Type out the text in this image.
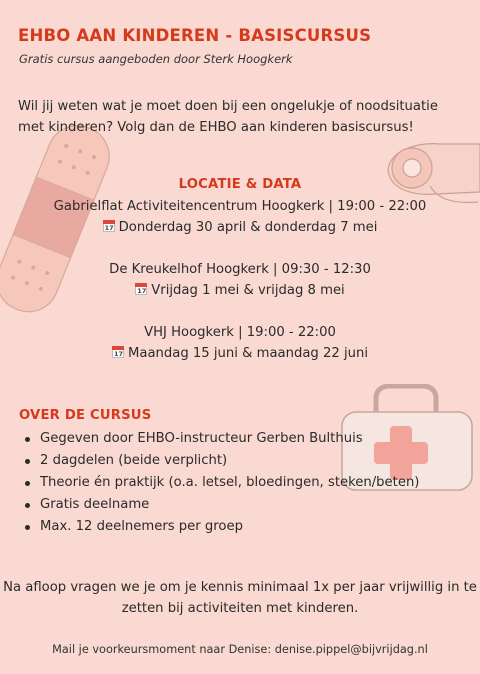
EHBO AAN KINDEREN - BASISCURSUS
Gratis cursus aangeboden door Sterk Hoogkerk
Wil jij weten wat je moet doen bij een ongelukje of noodsituatie met kinderen? Volg dan de EHBO aan kinderen basiscursus!
LOCATIE & DATA
Gabrielflat Activiteitencentrum Hoogkerk | 19:00 - 22:00
17Donderdag 30 april & donderdag 7 mei
De Kreukelhof Hoogkerk | 09:30 - 12:30
17Vrijdag 1 mei & vrijdag 8 mei
VHJ Hoogkerk | 19:00 - 22:00
17Maandag 15 juni & maandag 22 juni
OVER DE CURSUS
Gegeven door EHBO-instructeur Gerben Bulthuis
2 dagdelen (beide verplicht)
Theorie én praktijk (o.a. letsel, bloedingen, steken/beten)
Gratis deelname
Max. 12 deelnemers per groep
Na afloop vragen we je om je kennis minimaal 1x per jaar vrijwillig in te zetten bij activiteiten met kinderen.
Mail je voorkeursmoment naar Denise: denise.pippel@bijvrijdag.nl
